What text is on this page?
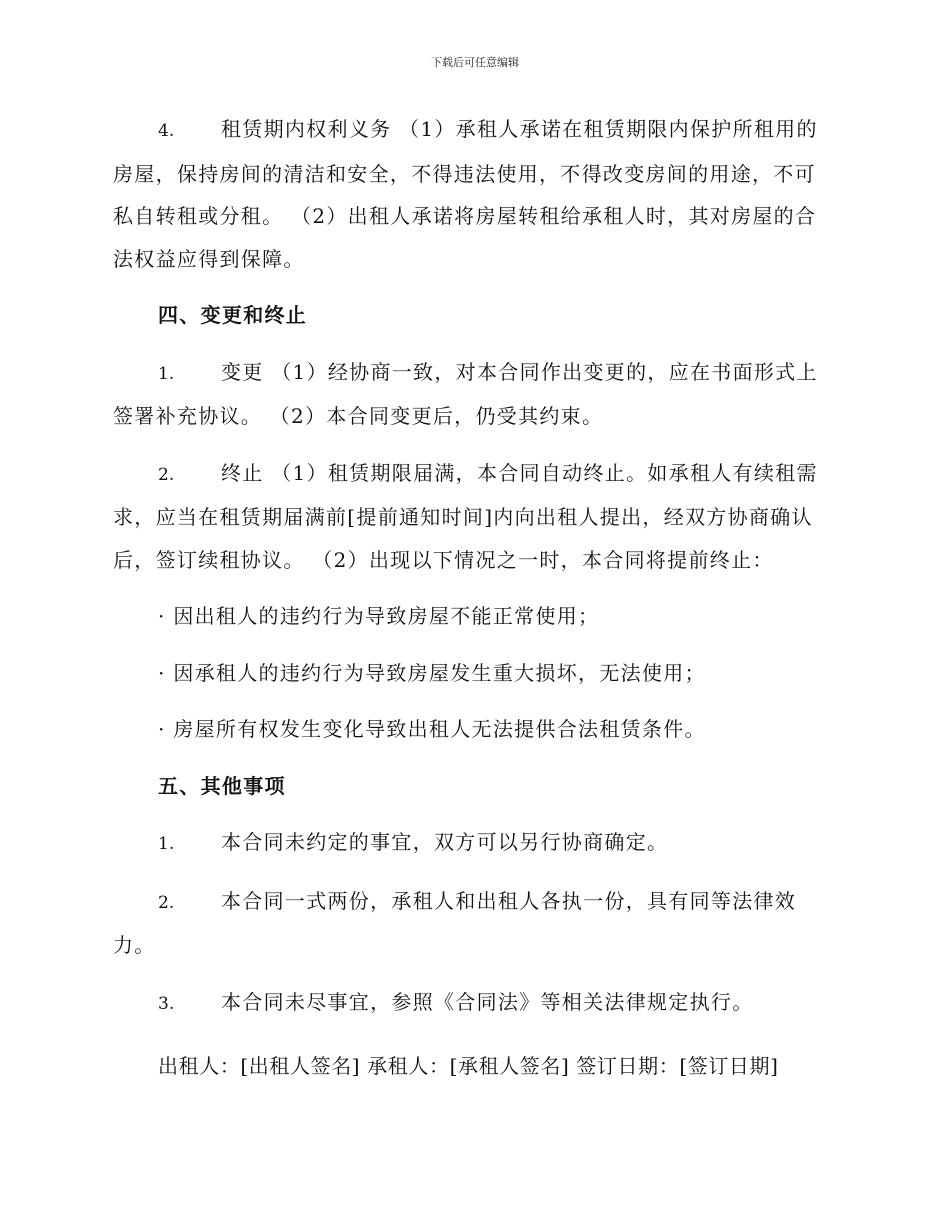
下载后可任意编辑

4. 租赁期内权利义务 （1）承租人承诺在租赁期限内保护所租用的房屋，保持房间的清洁和安全，不得违法使用，不得改变房间的用途，不可私自转租或分租。 （2）出租人承诺将房屋转租给承租人时，其对房屋的合法权益应得到保障。

四、变更和终止

1. 变更 （1）经协商一致，对本合同作出变更的，应在书面形式上签署补充协议。 （2）本合同变更后，仍受其约束。

2. 终止 （1）租赁期限届满，本合同自动终止。如承租人有续租需求，应当在租赁期届满前[提前通知时间]内向出租人提出，经双方协商确认后，签订续租协议。 （2）出现以下情况之一时，本合同将提前终止：

· 因出租人的违约行为导致房屋不能正常使用；

· 因承租人的违约行为导致房屋发生重大损坏，无法使用；

· 房屋所有权发生变化导致出租人无法提供合法租赁条件。

五、其他事项

1. 本合同未约定的事宜，双方可以另行协商确定。

2. 本合同一式两份，承租人和出租人各执一份，具有同等法律效力。

3. 本合同未尽事宜，参照《合同法》等相关法律规定执行。

出租人：[出租人签名] 承租人：[承租人签名] 签订日期：[签订日期]
